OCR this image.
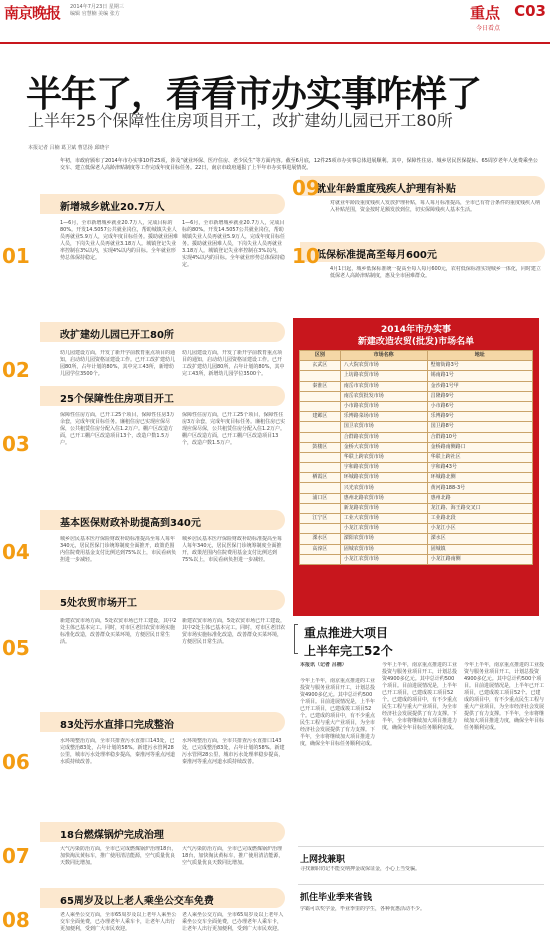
南京晚报 2014年7月23日 星期三
编辑 官慧楠 美编 张方	重点
今日看点
C03
半年了，看看市办实事咋样了
上半年25个保障性住房项目开工，改扩建幼儿园已开工80所
本报记者 吕楠 葛卫斌 曹思扬 邱晓宇
年初，市政府颁布了2014年市办实事10件25项，涉及“就业环保、医疗住房、老少民生”等方面内容。截至6月底，12件25项市办实事总体进展顺利。其中，保障性住房、城乡居民医保提标、65周岁老年人免费乘坐公交车、建立低保老人高龄津贴制度等工作完成年度目标任务。22日，南京市政府通报了上半年市办实事进展情况。
新增城乡就业20.7万人
01
1—6月，全市新增城乡就业20.7万人，完成目标的80%。开发14.5057公共就业岗位，帮助城镇失业人员再就业5.9万人，完成年度目标任务。援助就业困难人员，下岗失业人员再就业3.18万人。城镇登记失业率控制在3%以内，实现4%以内的目标。全年就业形势总体保持稳定。
1—6月，全市新增城乡就业20.7万人，完成目标的80%。开发14.5057公共就业岗位，帮助城镇失业人员再就业5.9万人，完成年度目标任务。援助就业困难人员，下岗失业人员再就业3.18万人。城镇登记失业率控制在3%以内，实现4%以内的目标。全年就业形势总体保持稳定。
改扩建幼儿园已开工80所
02
幼儿园建设方面，开发了新开学前教育重点项目的通知，启动幼儿园资格证建设工作。已开工改扩建幼儿园80所，占年计划的80%，其中完工43所，新增幼儿园学位3500个。
幼儿园建设方面，开发了新开学前教育重点项目的通知，启动幼儿园资格证建设工作。已开工改扩建幼儿园80所，占年计划的80%，其中完工43所，新增幼儿园学位3500个。
25个保障性住房项目开工
03
保障性住房方面，已开工25个项目，保障性住房3万余套，完成年度目标任务。廉租住房已实现应保尽保，公共租赁住房分配入住1.2万户。棚户区改造方面，已开工棚户区改造项目13个，改造户数1.5万户。
保障性住房方面，已开工25个项目，保障性住房3万余套，完成年度目标任务。廉租住房已实现应保尽保，公共租赁住房分配入住1.2万户。棚户区改造方面，已开工棚户区改造项目13个，改造户数1.5万户。
基本医保财政补助提高到340元
04
城乡居民基本医疗保险财政补助标准提高至每人每年340元，居民医保门诊统筹制度全面推开，政策范围内住院费用基金支付比例达到75%以上，市民看病负担进一步减轻。
城乡居民基本医疗保险财政补助标准提高至每人每年340元，居民医保门诊统筹制度全面推开，政策范围内住院费用基金支付比例达到75%以上，市民看病负担进一步减轻。
5处农贸市场开工
05
新建农贸市场方面，5处农贸市场已开工建设，其中2处主体已基本完工。同时，对市区老旧农贸市场实施标准化改造，改善群众买菜环境，方便居民日常生活。
新建农贸市场方面，5处农贸市场已开工建设，其中2处主体已基本完工。同时，对市区老旧农贸市场实施标准化改造，改善群众买菜环境，方便居民日常生活。
83处污水直排口完成整治
06
水环境整治方面，全市共排查污水直排口143处，已完成整治83处，占年计划的58%。新建污水管网28公里，城市污水处理率稳步提高，秦淮河等重点河道水质持续改善。
水环境整治方面，全市共排查污水直排口143处，已完成整治83处，占年计划的58%。新建污水管网28公里，城市污水处理率稳步提高，秦淮河等重点河道水质持续改善。
18台燃煤锅炉完成治理
07	大气污染防治方面，全市已完成燃煤锅炉治理18台，加快淘汰黄标车，推广使用清洁能源，空气质量优良天数同比增加。
大气污染防治方面，全市已完成燃煤锅炉治理18台，加快淘汰黄标车，推广使用清洁能源，空气质量优良天数同比增加。
65周岁及以上老人乘坐公交车免费
08	老人乘坐公交方面，全市65周岁及以上老年人乘坐公交车全面免费，已办理老年人乘车卡，让老年人出行更加便利，受到广大市民欢迎。
老人乘坐公交方面，全市65周岁及以上老年人乘坐公交车全面免费，已办理老年人乘车卡，让老年人出行更加便利，受到广大市民欢迎。
就业年龄重度残疾人护理有补贴
09
对就业年龄段重度残疾人发放护理补贴，每人每月标准提高，全市已有符合条件的重度残疾人纳入补贴范围，资金按时足额发放到位，切实保障残疾人基本生活。
低保标准提高至每月600元
10
4月1日起，城乡低保标准统一提高至每人每月600元，农村低保标准实现城乡一体化，同时建立低保老人高龄津贴制度，惠及全市困难群众。
2014年市办实事
新建改造农贸(批发)市场名单
区别	市场名称	地址
玄武区	八大院农贸市场	墅塘街路3号
	上坊路农贸市场	锡南路1号
秦淮区	南岳市农贸市场	金沙路1号甲
	南岳农贸批发市场	昌隆路9号
	小市路农贸市场	小市路6号
建邺区	乐博路菜场市场	乐博路9号
	国卫农贸市场	国卫路8号
	合群路农贸市场	合群路10号
鼓楼区	金桥大农贸市场	金桥路南侧路口
	华联上跨农贸市场	华联上跨社区
	宇和路农贸市场	宇和路43号
栖霞区	环城路农贸市场	环城路北侧
	兴光农贸市场	黄河路188-3号
浦口区	惠州北路农贸市场	惠州北路
	新龙路农贸市场	龙江路、海王路交叉口
江宁区	工业大农贸市场	工业路北段
	小龙江农贸市场	小龙江小区
溧水区	溧阳农贸市场	溧水区
高淳区	固城农贸市场	固城镇
	小龙江农贸市场	小龙江路南侧
重点推进大项目
上半年完工52个
本报讯（记者 吕楠）
今年上半年，南京重点推进的工业投资与服务业项目开工，计划总投资4900多亿元。其中总计约500个项目。目前进展情况是，上半年已开工项目，已建成竣工项目52个。已建成的项目中，有不少重点民生工程与重大产业项目，为全市经济社会发展提供了有力支撑。下半年，全市将继续加大项目推进力度，确保全年目标任务顺利完成。
今年上半年，南京重点推进的工业投资与服务业项目开工，计划总投资4900多亿元。其中总计约500个项目。目前进展情况是，上半年已开工项目，已建成竣工项目52个。已建成的项目中，有不少重点民生工程与重大产业项目，为全市经济社会发展提供了有力支撑。下半年，全市将继续加大项目推进力度，确保全年目标任务顺利完成。
今年上半年，南京重点推进的工业投资与服务业项目开工，计划总投资4900多亿元。其中总计约500个项目。目前进展情况是，上半年已开工项目，已建成竣工项目52个。已建成的项目中，有不少重点民生工程与重大产业项目，为全市经济社会发展提供了有力支撑。下半年，全市将继续加大项目推进力度，确保全年目标任务顺利完成。
上网找兼职
寻找兼职切记不能交纳押金或保证金，小心上当受骗。
抓住毕业季来省钱
学霸可以奖学金，毕业季里的学生，各种优惠活动不少。
